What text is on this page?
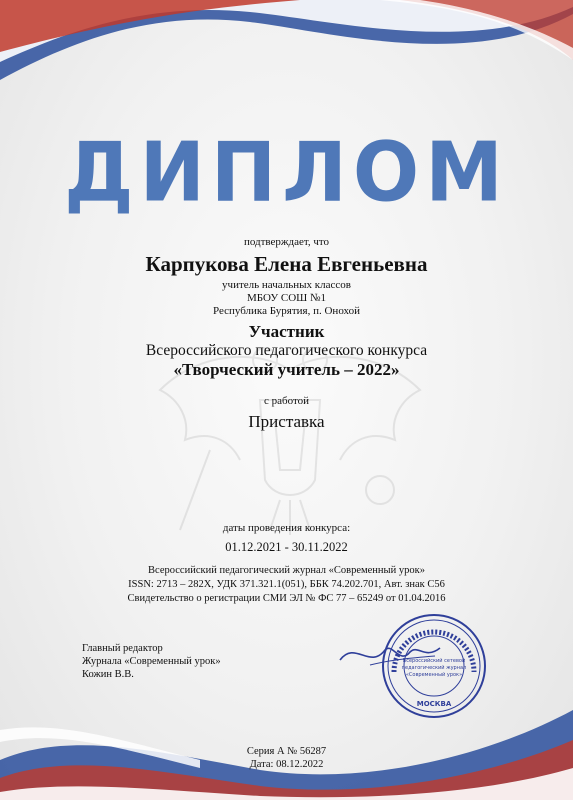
ДИПЛОМ
подтверждает, что
Карпукова Елена Евгеньевна
учитель начальных классов
МБОУ СОШ №1
Республика Бурятия, п. Онохой
Участник
Всероссийского педагогического конкурса
«Творческий учитель – 2022»
с работой
Приставка
даты проведения конкурса:
01.12.2021 - 30.11.2022
Всероссийский педагогический журнал «Современный урок»
ISSN: 2713 – 282X, УДК 371.321.1(051), ББК 74.202.701, Авт. знак С56
Свидетельство о регистрации СМИ ЭЛ № ФС 77 – 65249 от 01.04.2016
Главный редактор
Журнала «Современный урок»
Кожин В.В.
Всероссийский сетевой
педагогический журнал
«Современный урок»
МОСКВА
Серия А № 56287
Дата: 08.12.2022
